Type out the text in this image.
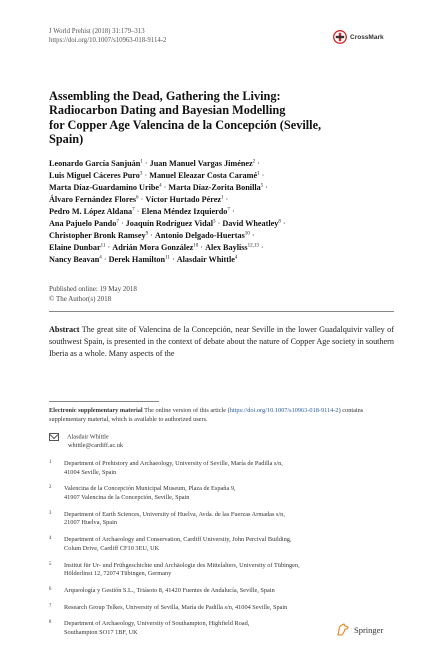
J World Prehist (2018) 31:179–313
https://doi.org/10.1007/s10963-018-9114-2	CrossMark
Assembling the Dead, Gathering the Living:
Radiocarbon Dating and Bayesian Modelling
for Copper Age Valencina de la Concepción (Seville,
Spain)
Leonardo García Sanjuán$^1$ · Juan Manuel Vargas Jiménez$^2$ ·
Luis Miguel Cáceres Puro$^3$ · Manuel Eleazar Costa Caramé$^1$ ·
Marta Díaz-Guardamino Uribe$^4$ · Marta Díaz-Zorita Bonilla$^5$ ·
Álvaro Fernández Flores$^6$ · Víctor Hurtado Pérez$^1$ ·
Pedro M. López Aldana$^7$ · Elena Méndez Izquierdo$^7$ ·
Ana Pajuelo Pando$^7$ · Joaquín Rodríguez Vidal$^3$ · David Wheatley$^8$ ·
Christopher Bronk Ramsey$^9$ · Antonio Delgado-Huertas$^{10}$ ·
Elaine Dunbar$^{11}$ · Adrián Mora González$^{10}$ · Alex Bayliss$^{12,13}$ ·
Nancy Beavan$^4$ · Derek Hamilton$^{11}$ · Alasdair Whittle$^4$
Published online: 19 May 2018
© The Author(s) 2018
Abstract The great site of Valencina de la Concepción, near Seville in the lower Guadalquivir valley of southwest Spain, is presented in the context of debate about the nature of Copper Age society in southern Iberia as a whole. Many aspects of the
Electronic supplementary material The online version of this article (https://doi.org/10.1007/s10963-018-9114-2) contains supplementary material, which is available to authorized users.
Alasdair Whittle
whittle@cardiff.ac.uk
1	Department of Prehistory and Archaeology, University of Seville, María de Padilla s/n,
41004 Seville, Spain
2	Valencina de la Concepción Municipal Museum, Plaza de España 9,
41907 Valencina de la Concepción, Seville, Spain
3	Department of Earth Sciences, University of Huelva, Avda. de las Fuerzas Armadas s/n,
21007 Huelva, Spain
4	Department of Archaeology and Conservation, Cardiff University, John Percival Building,
Colum Drive, Cardiff CF10 3EU, UK
5	Institut für Ur- und Frühgeschichte und Archäologie des Mittelalters, University of Tübingen,
Hölderlinst 12, 72074 Tübingen, Germany
6	Arqueología y Gestión S.L., Triásoto 8, 41420 Fuentes de Andalucía, Seville, Spain
7	Research Group Telkes, University of Sevilla, María de Padilla s/n, 41004 Seville, Spain
8	Department of Archaeology, University of Southampton, Highfield Road,
Southampton SO17 1BF, UK	Springer
